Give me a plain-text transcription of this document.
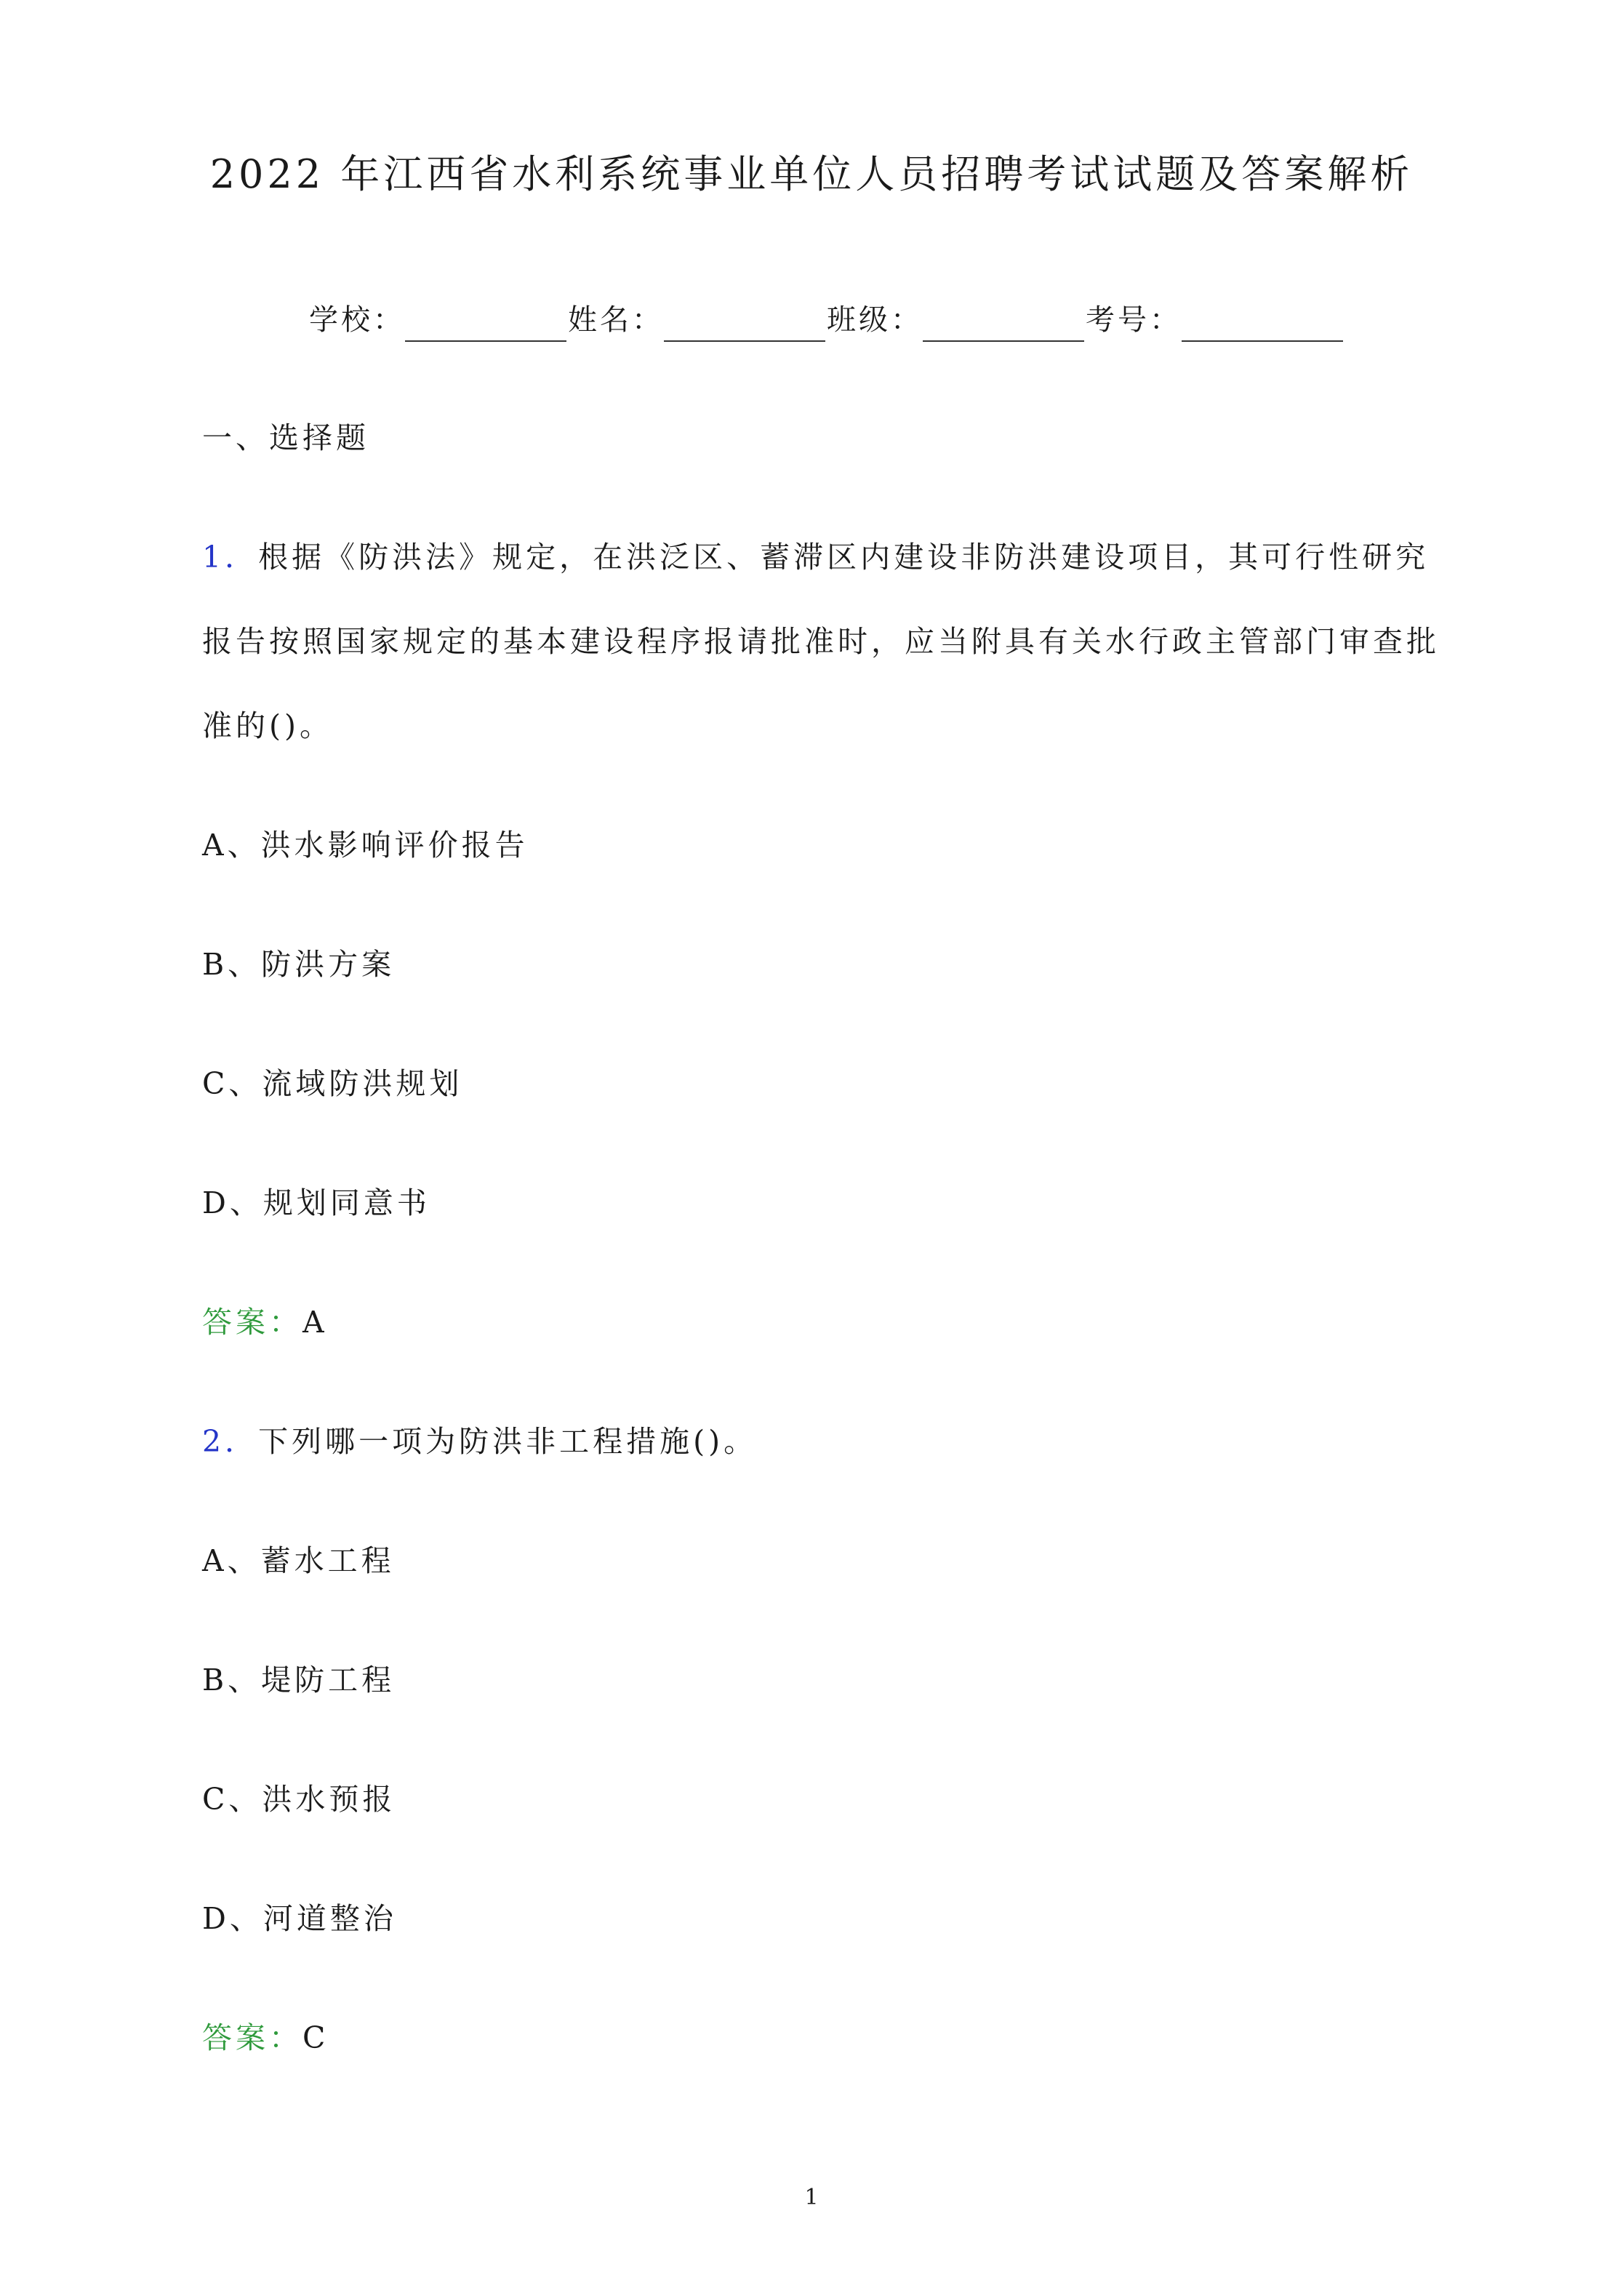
2022 年江西省水利系统事业单位人员招聘考试试题及答案解析
学校：	姓名：	班级：	考号：
一、选择题
1．根据《防洪法》规定，在洪泛区、蓄滞区内建设非防洪建设项目，其可行性研究
报告按照国家规定的基本建设程序报请批准时，应当附具有关水行政主管部门审查批
准的()。
A、洪水影响评价报告
B、防洪方案
C、流域防洪规划
D、规划同意书
答案：A
2．下列哪一项为防洪非工程措施()。
A、蓄水工程
B、堤防工程
C、洪水预报
D、河道整治
答案：C
1
